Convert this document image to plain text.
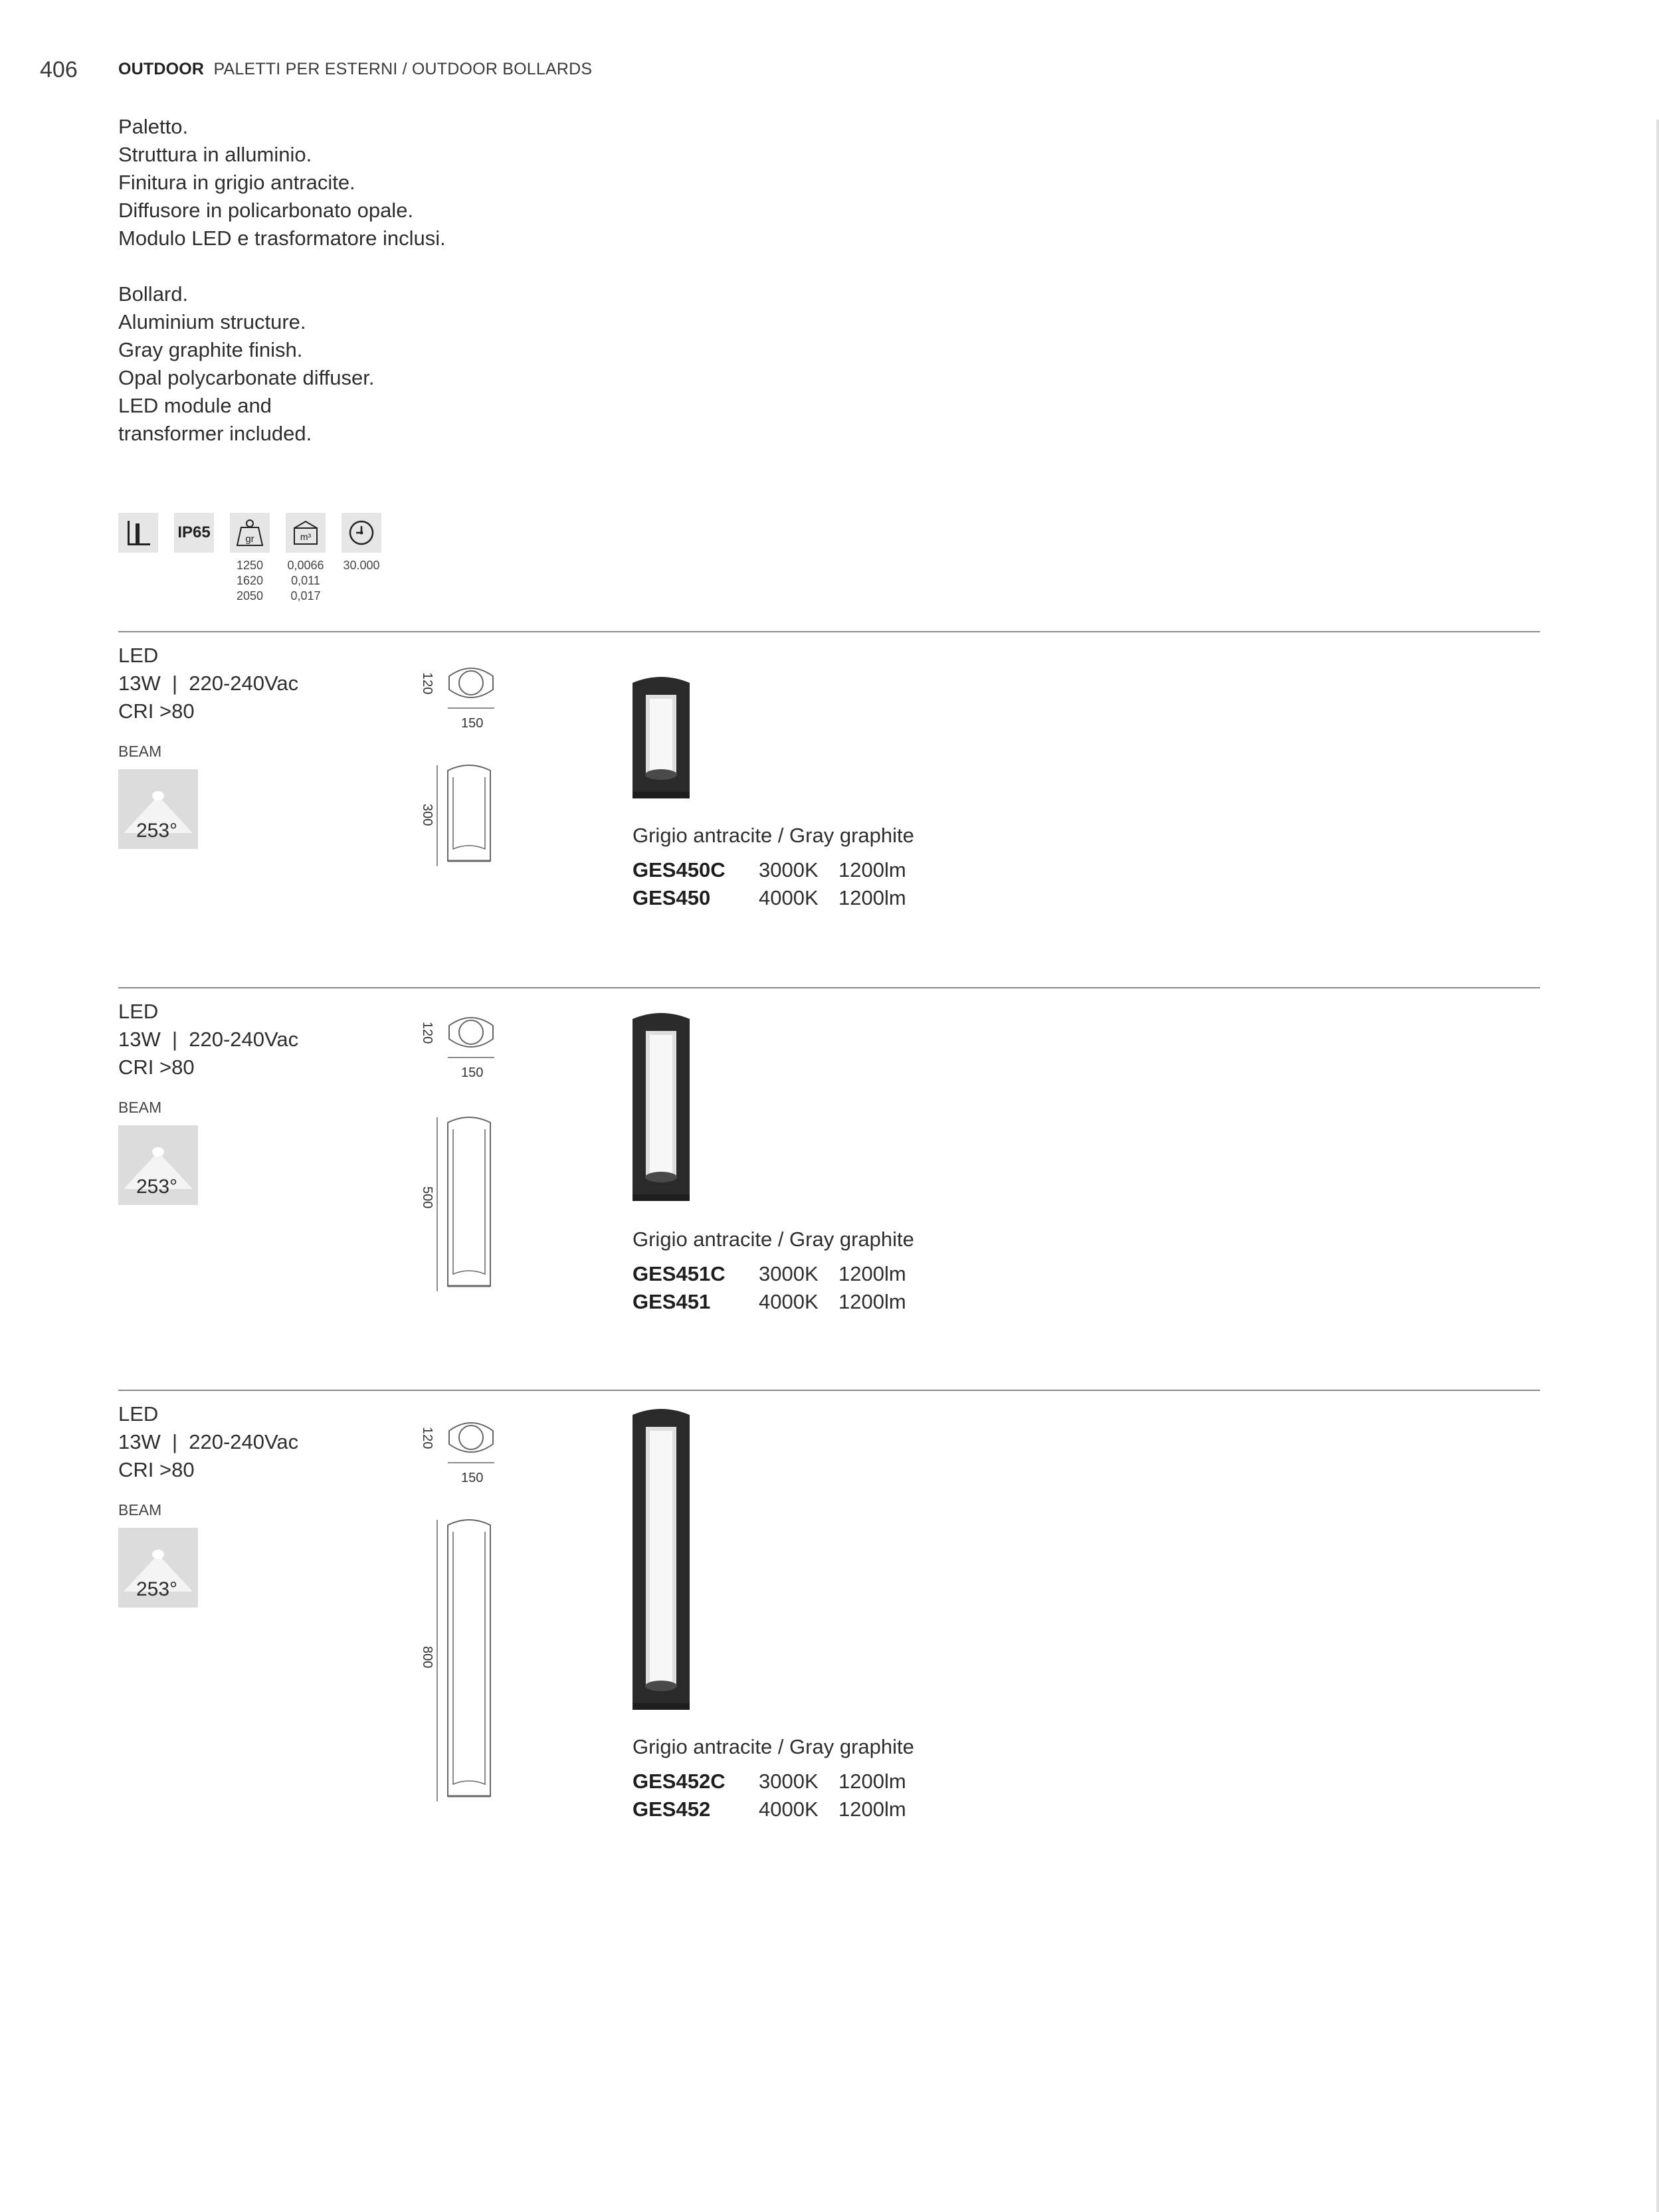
406 OUTDOOR PALETTI PER ESTERNI / OUTDOOR BOLLARDS
Paletto.
Struttura in alluminio.
Finitura in grigio antracite.
Diffusore in policarbonato opale.
Modulo LED e trasformatore inclusi.
Bollard.
Aluminium structure.
Gray graphite finish.
Opal polycarbonate diffuser.
LED module and
transformer included.
IP65	gr	m³
1250
1620
2050
0,0066
0,011
0,017
30.000
LED
13W  |  220-240Vac
CRI >80
BEAM
253°
120
150
300
Grigio antracite / Gray graphite
GES450C 3000K 1200lm
GES450 4000K 1200lm
LED
13W  |  220-240Vac
CRI >80
BEAM
253°
120
150
500
Grigio antracite / Gray graphite
GES451C 3000K 1200lm
GES451 4000K 1200lm
LED
13W  |  220-240Vac
CRI >80
BEAM
253°
120
150
800
Grigio antracite / Gray graphite
GES452C 3000K 1200lm
GES452 4000K 1200lm
